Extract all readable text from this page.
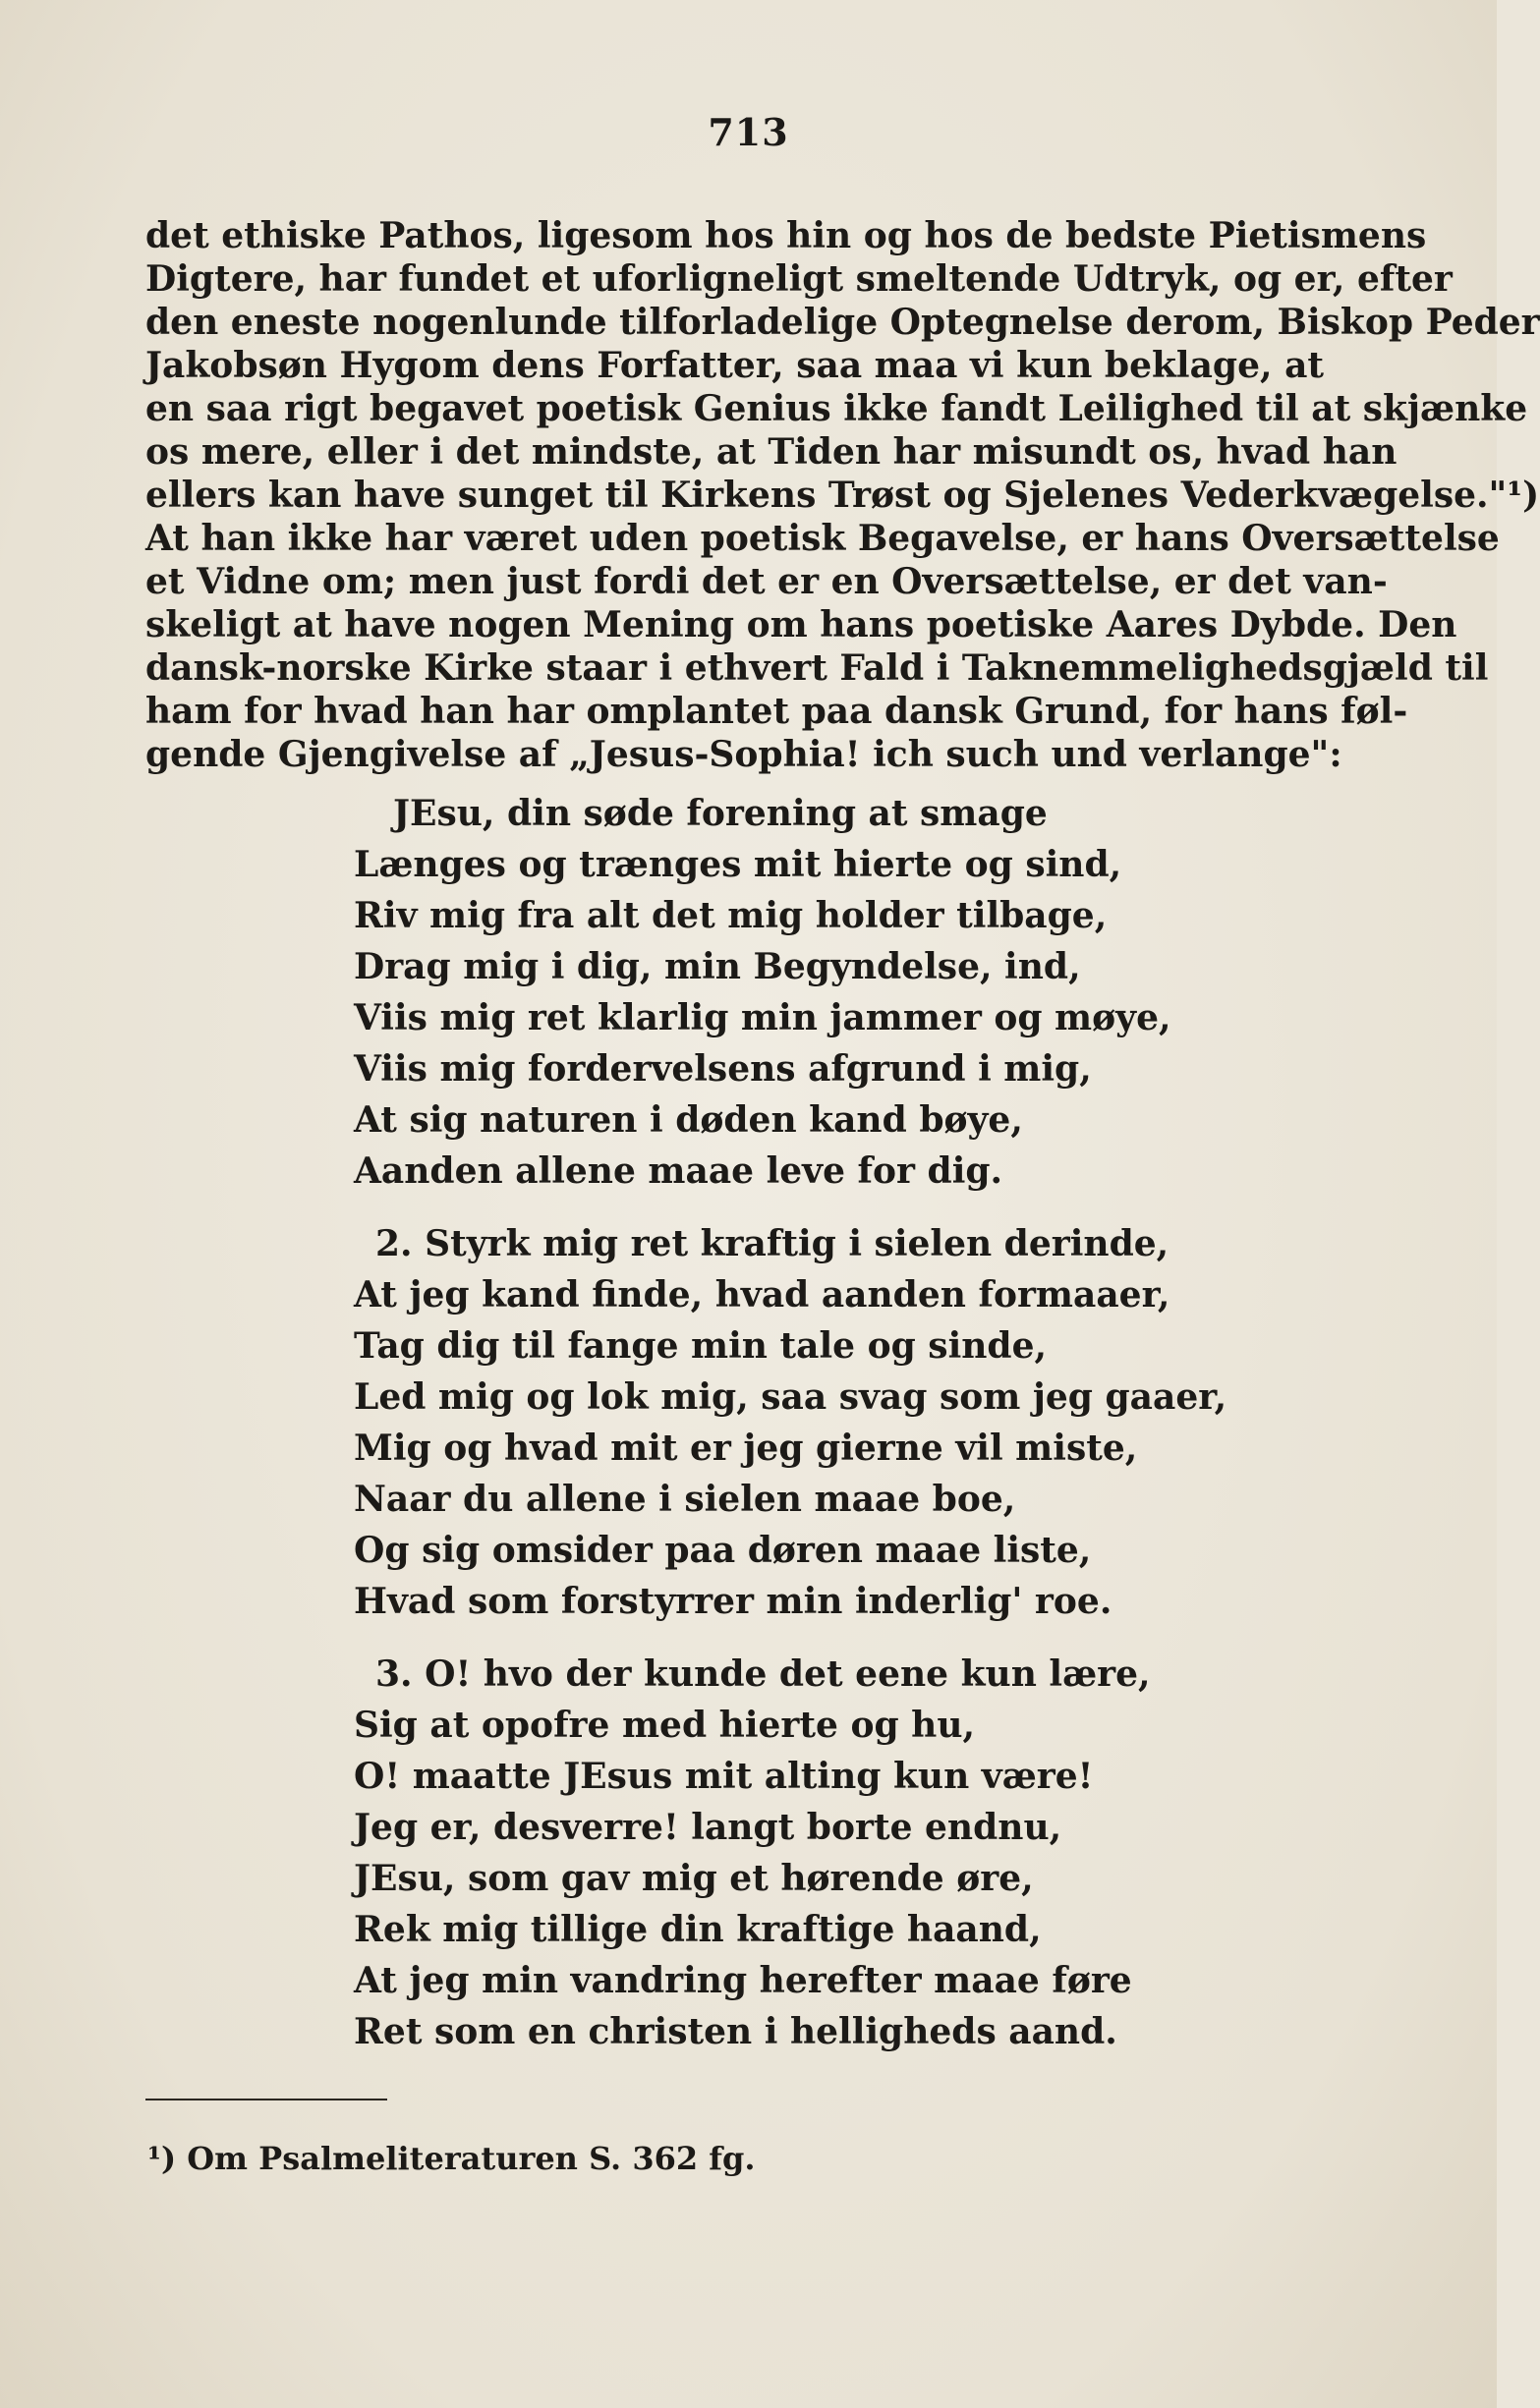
713
det ethiske Pathos, ligesom hos hin og hos de bedste Pietismens
Digtere, har fundet et uforligneligt smeltende Udtryk, og er, efter
den eneste nogenlunde tilforladelige Optegnelse derom, Biskop Peder
Jakobsøn Hygom dens Forfatter, saa maa vi kun beklage, at
en saa rigt begavet poetisk Genius ikke fandt Leilighed til at skjænke
os mere, eller i det mindste, at Tiden har misundt os, hvad han
ellers kan have sunget til Kirkens Trøst og Sjelenes Vederkvægelse."¹)
At han ikke har været uden poetisk Begavelse, er hans Oversættelse
et Vidne om; men just fordi det er en Oversættelse, er det van-
skeligt at have nogen Mening om hans poetiske Aares Dybde. Den
dansk-norske Kirke staar i ethvert Fald i Taknemmelighedsgjæld til
ham for hvad han har omplantet paa dansk Grund, for hans føl-
gende Gjengivelse af „Jesus-Sophia! ich such und verlange":
JEsu, din søde forening at smage
Længes og trænges mit hierte og sind,
Riv mig fra alt det mig holder tilbage,
Drag mig i dig, min Begyndelse, ind,
Viis mig ret klarlig min jammer og møye,
Viis mig fordervelsens afgrund i mig,
At sig naturen i døden kand bøye,
Aanden allene maae leve for dig.
2. Styrk mig ret kraftig i sielen derinde,
At jeg kand finde, hvad aanden formaaer,
Tag dig til fange min tale og sinde,
Led mig og lok mig, saa svag som jeg gaaer,
Mig og hvad mit er jeg gierne vil miste,
Naar du allene i sielen maae boe,
Og sig omsider paa døren maae liste,
Hvad som forstyrrer min inderlig' roe.
3. O! hvo der kunde det eene kun lære,
Sig at opofre med hierte og hu,
O! maatte JEsus mit alting kun være!
Jeg er, desverre! langt borte endnu,
JEsu, som gav mig et hørende øre,
Rek mig tillige din kraftige haand,
At jeg min vandring herefter maae føre
Ret som en christen i helligheds aand.
¹) Om Psalmeliteraturen S. 362 fg.
